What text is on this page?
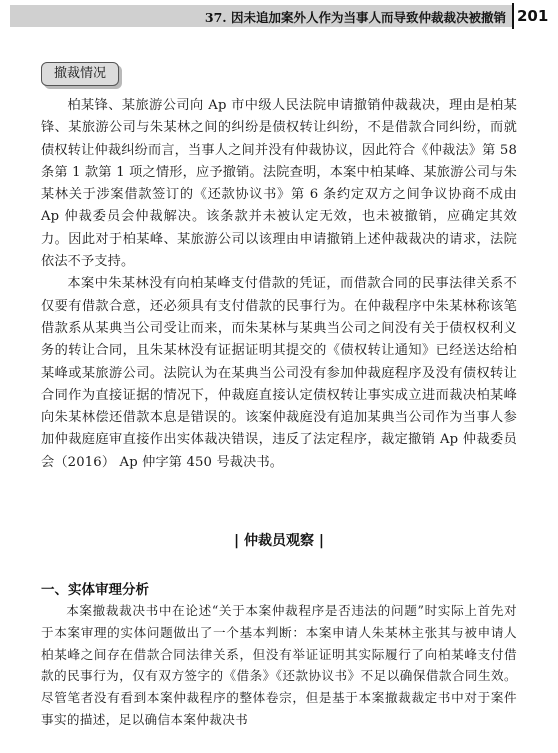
37. 因未追加案外人作为当事人而导致仲裁裁决被撤销 201
撤裁情况

柏某锋、某旅游公司向 Ap 市中级人民法院申请撤销仲裁裁决，理由是柏某锋、某旅游公司与朱某林之间的纠纷是债权转让纠纷，不是借款合同纠纷，而就债权转让仲裁纠纷而言，当事人之间并没有仲裁协议，因此符合《仲裁法》第 58 条第 1 款第 1 项之情形，应予撤销。法院查明，本案中柏某峰、某旅游公司与朱某林关于涉案借款签订的《还款协议书》第 6 条约定双方之间争议协商不成由 Ap 仲裁委员会仲裁解决。该条款并未被认定无效，也未被撤销，应确定其效力。因此对于柏某峰、某旅游公司以该理由申请撤销上述仲裁裁决的请求，法院依法不予支持。

本案中朱某林没有向柏某峰支付借款的凭证，而借款合同的民事法律关系不仅要有借款合意，还必须具有支付借款的民事行为。在仲裁程序中朱某林称该笔借款系从某典当公司受让而来，而朱某林与某典当公司之间没有关于债权权利义务的转让合同，且朱某林没有证据证明其提交的《债权转让通知》已经送达给柏某峰或某旅游公司。法院认为在某典当公司没有参加仲裁庭程序及没有债权转让合同作为直接证据的情况下，仲裁庭直接认定债权转让事实成立进而裁决柏某峰向朱某林偿还借款本息是错误的。该案仲裁庭没有追加某典当公司作为当事人参加仲裁庭庭审直接作出实体裁决错误，违反了法定程序，裁定撤销 Ap 仲裁委员会（2016） Ap 仲字第 450 号裁决书。

| 仲裁员观察 |
一、实体审理分析

本案撤裁裁决书中在论述“关于本案仲裁程序是否违法的问题”时实际上首先对于本案审理的实体问题做出了一个基本判断：本案申请人朱某林主张其与被申请人柏某峰之间存在借款合同法律关系，但没有举证证明其实际履行了向柏某峰支付借款的民事行为，仅有双方签字的《借条》《还款协议书》不足以确保借款合同生效。尽管笔者没有看到本案仲裁程序的整体卷宗，但是基于本案撤裁裁定书中对于案件事实的描述，足以确信本案仲裁决书
